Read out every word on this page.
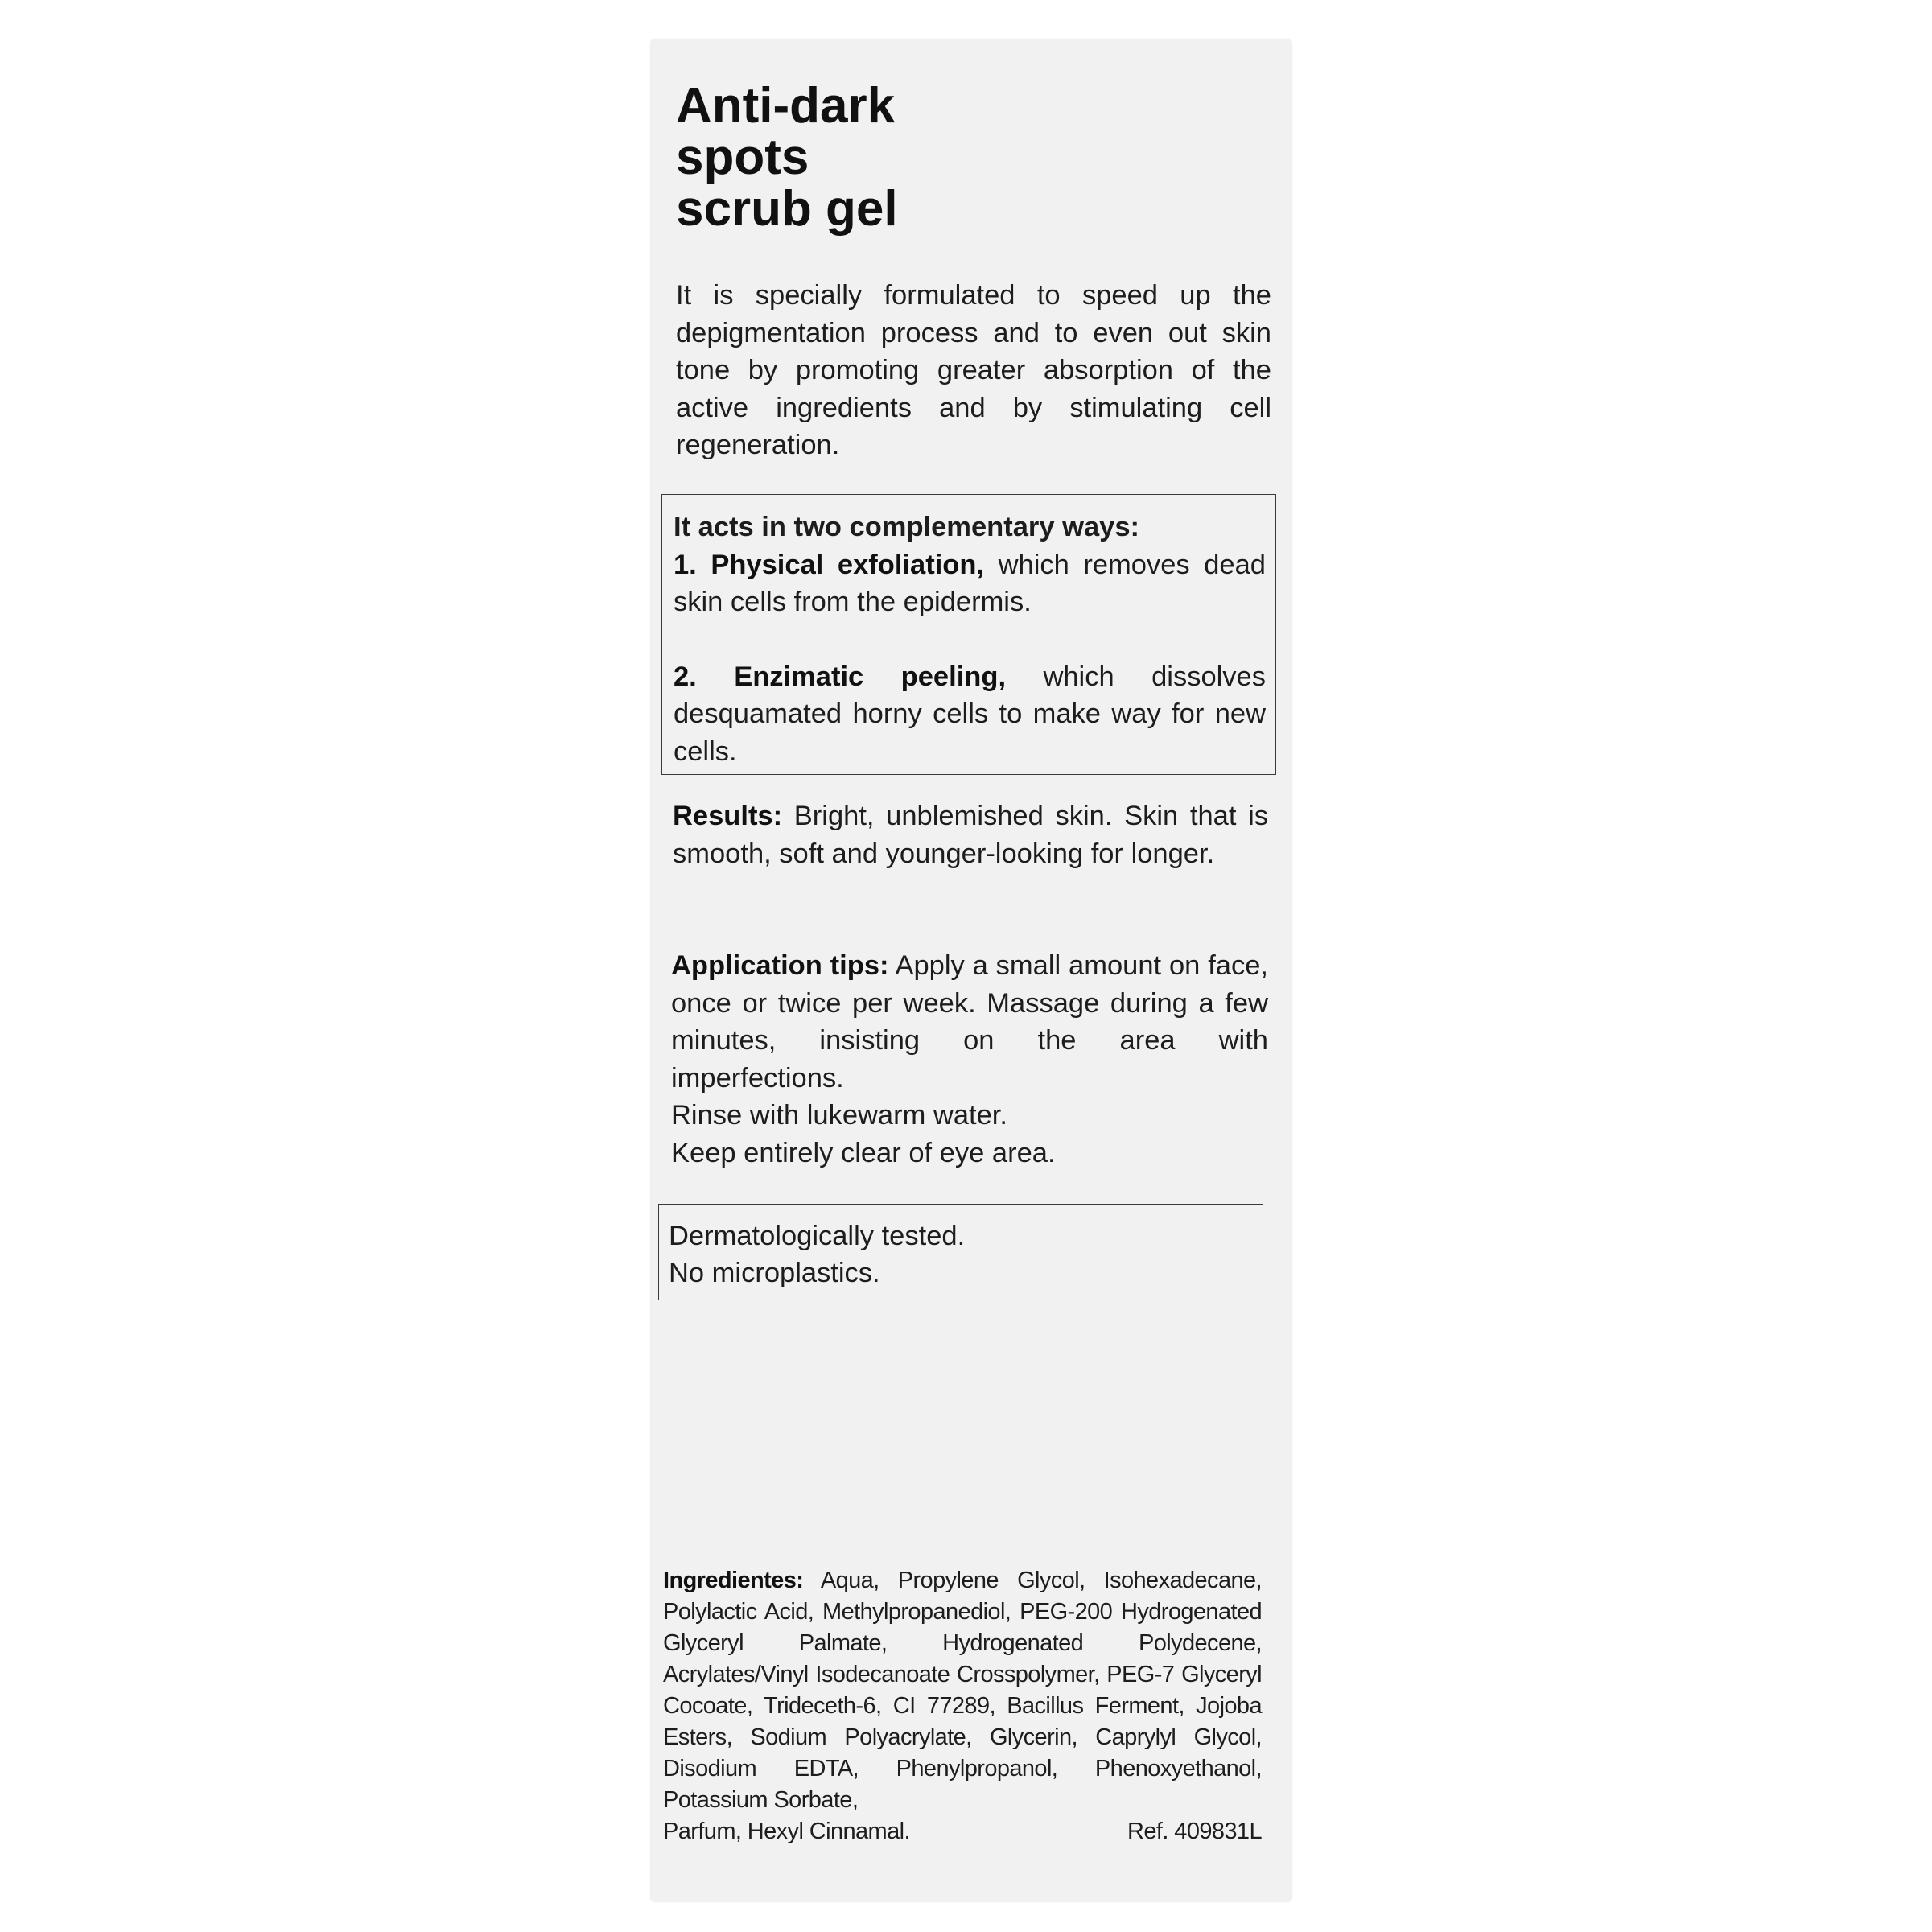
Anti-dark
spots
scrub gel
It is specially formulated to speed up the depigmentation process and to even out skin tone by promoting greater absorption of the active ingredients and by stimulating cell regeneration.
It acts in two complementary ways:
1. Physical exfoliation, which removes dead skin cells from the epidermis.
2. Enzimatic peeling, which dissolves desquamated horny cells to make way for new cells.
Results: Bright, unblemished skin. Skin that is smooth, soft and younger-looking for longer.
Application tips: Apply a small amount on face, once or twice per week. Massage during a few minutes, insisting on the area with imperfections.
Rinse with lukewarm water.
Keep entirely clear of eye area.
Dermatologically tested.
No microplastics.
Ingredientes: Aqua, Propylene Glycol, Isohexadecane, Polylactic Acid, Methylpropanediol, PEG-200 Hydrogenated Glyceryl Palmate, Hydrogenated Polydecene, Acrylates/Vinyl Isodecanoate Crosspolymer, PEG-7 Glyceryl Cocoate, Trideceth-6, CI 77289, Bacillus Ferment, Jojoba Esters, Sodium Polyacrylate, Glycerin, Caprylyl Glycol, Disodium EDTA, Phenylpropanol, Phenoxyethanol, Potassium Sorbate,
Parfum, Hexyl Cinnamal.	Ref. 409831L
